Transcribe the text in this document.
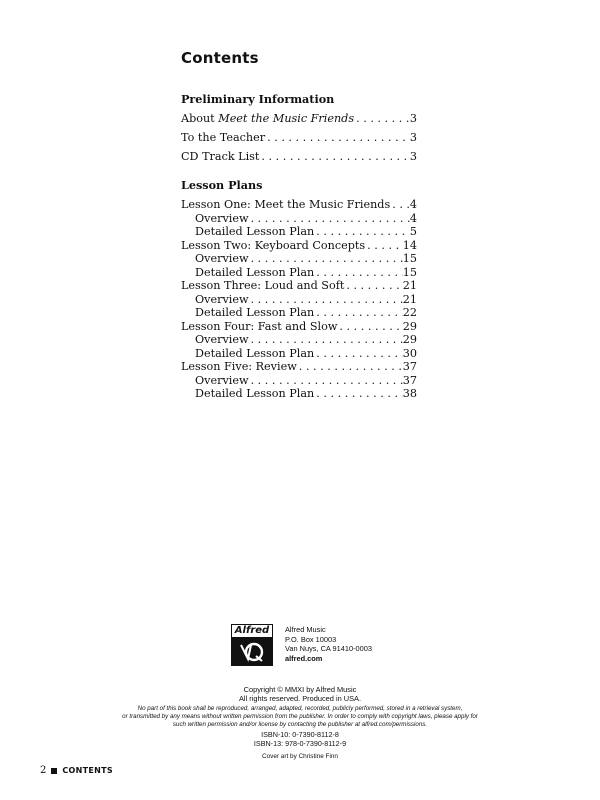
Contents
Preliminary Information
About Meet the Music Friends . . .	3
To the Teacher . . .	3
CD Track List . . .	3
Lesson Plans
Lesson One: Meet the Music Friends . . . 4
Overview . . .	4
Detailed Lesson Plan . . .	5
Lesson Two: Keyboard Concepts . . .	14
Overview . . .	15
Detailed Lesson Plan . . .	15
Lesson Three: Loud and Soft . . .	21
Overview . . .	21
Detailed Lesson Plan . . .	22
Lesson Four: Fast and Slow . . .	29
Overview . . .	29
Detailed Lesson Plan . . .	30
Lesson Five: Review . . .	37
Overview . . .	37
Detailed Lesson Plan . . .	38
Alfred	Alfred Music
P.O. Box 10003
Van Nuys, CA 91410-0003
alfred.com
Copyright © MMXI by Alfred Music
All rights reserved. Produced in USA.
No part of this book shall be reproduced, arranged, adapted, recorded, publicly performed, stored in a retrieval system,
or transmitted by any means without written permission from the publisher. In order to comply with copyright laws, please apply for
such written permission and/or license by contacting the publisher at alfred.com/permissions.
ISBN-10: 0-7390-8112-8
ISBN-13: 978-0-7390-8112-9
Cover art by Christine Finn
2 CONTENTS
